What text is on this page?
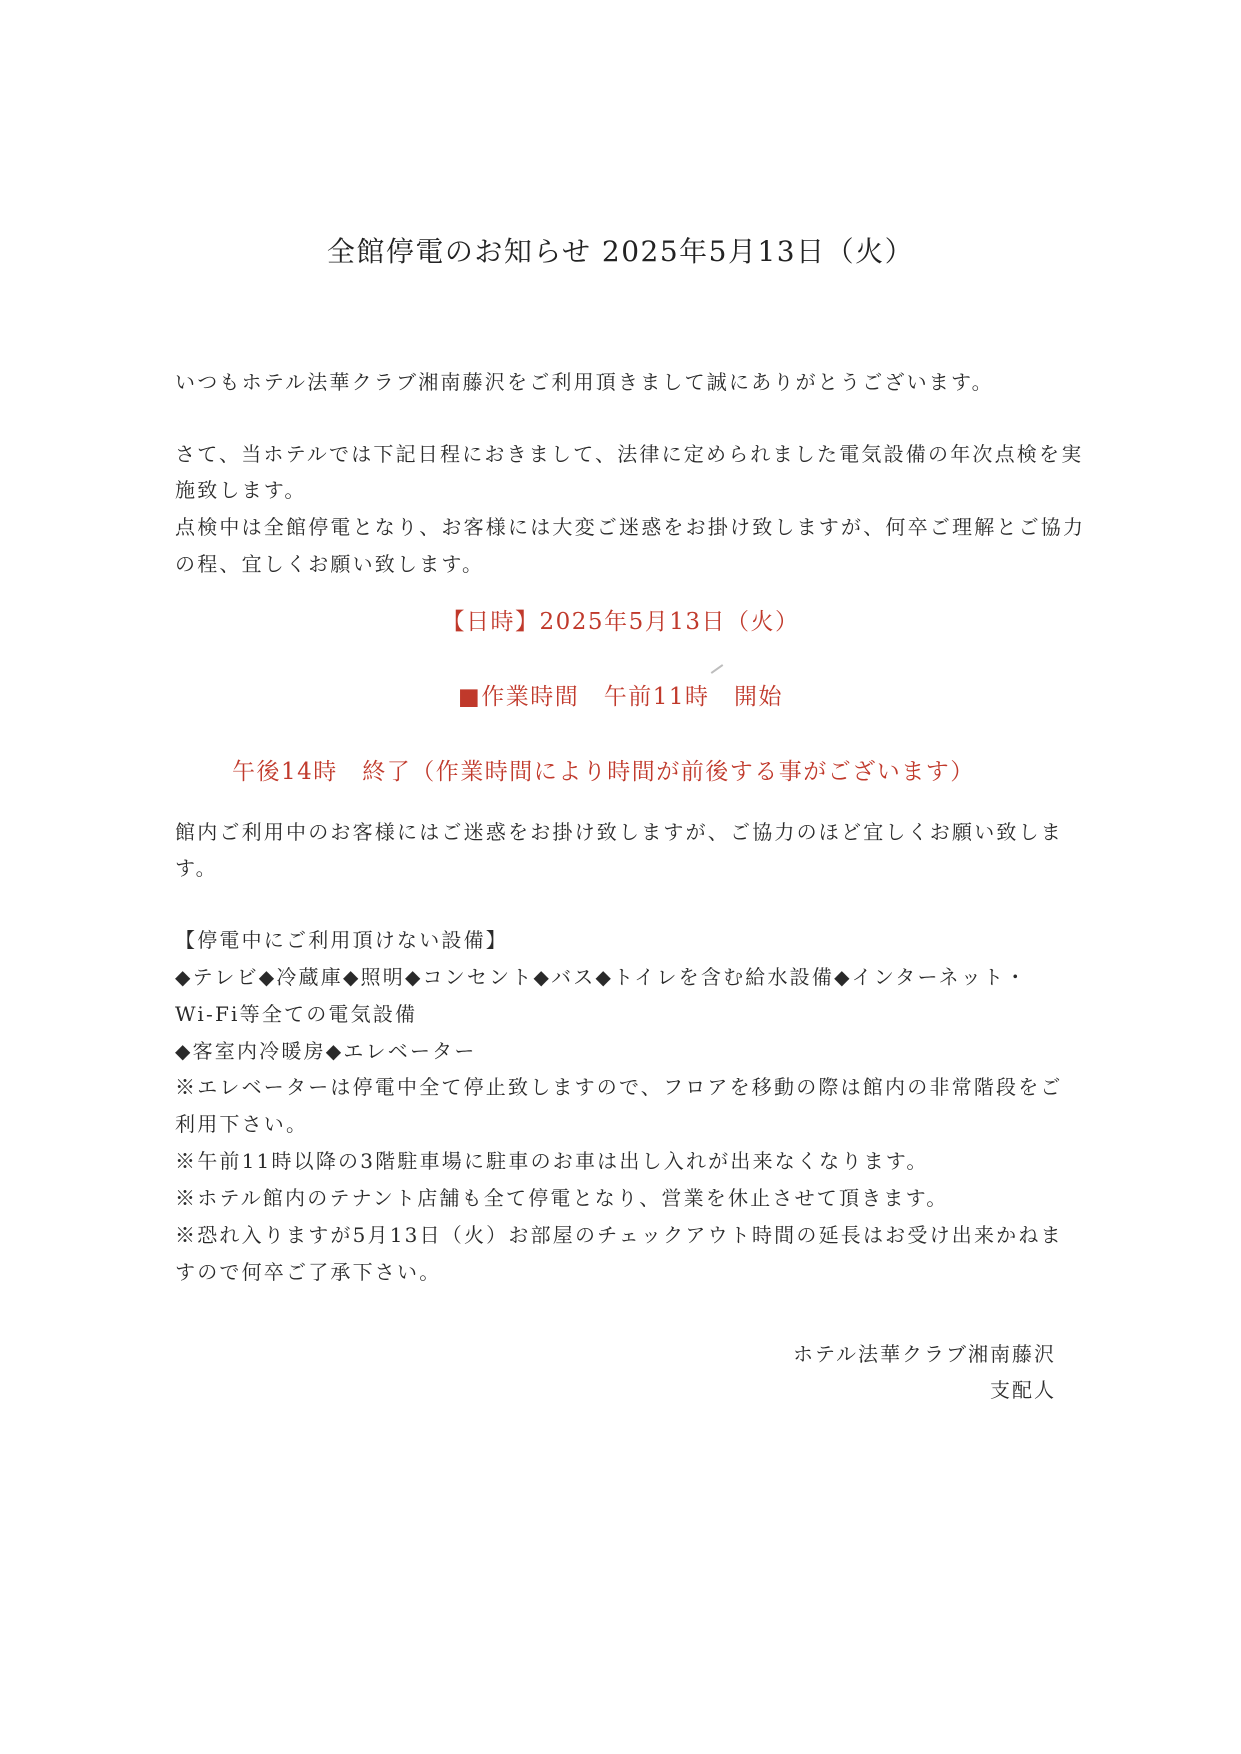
全館停電のお知らせ 2025年5月13日（火）
いつもホテル法華クラブ湘南藤沢をご利用頂きまして誠にありがとうございます。
さて、当ホテルでは下記日程におきまして、法律に定められました電気設備の年次点検を実
施致します。
点検中は全館停電となり、お客様には大変ご迷惑をお掛け致しますが、何卒ご理解とご協力
の程、宜しくお願い致します。
【日時】2025年5月13日（火）
■作業時間　午前11時　開始
午後14時　終了（作業時間により時間が前後する事がございます）
館内ご利用中のお客様にはご迷惑をお掛け致しますが、ご協力のほど宜しくお願い致しま
す。
【停電中にご利用頂けない設備】
◆テレビ◆冷蔵庫◆照明◆コンセント◆バス◆トイレを含む給水設備◆インターネット・
Wi-Fi等全ての電気設備
◆客室内冷暖房◆エレベーター
※エレベーターは停電中全て停止致しますので、フロアを移動の際は館内の非常階段をご
利用下さい。
※午前11時以降の3階駐車場に駐車のお車は出し入れが出来なくなります。
※ホテル館内のテナント店舗も全て停電となり、営業を休止させて頂きます。
※恐れ入りますが5月13日（火）お部屋のチェックアウト時間の延長はお受け出来かねま
すので何卒ご了承下さい。
ホテル法華クラブ湘南藤沢
支配人
